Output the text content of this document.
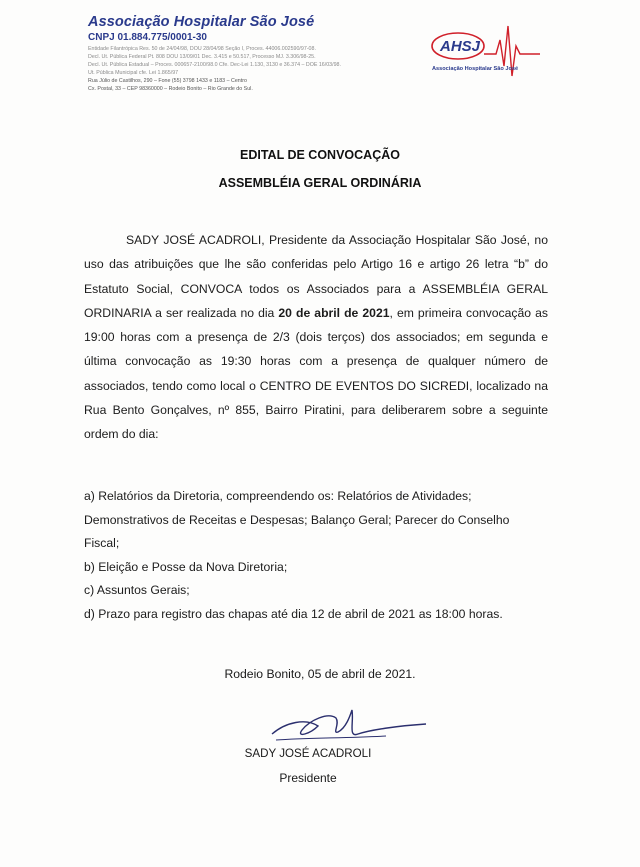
Associação Hospitalar São José
CNPJ 01.884.775/0001-30
Entidade Filantrópica Res. 50 de 24/04/98, DOU 28/04/98 Seção I, Proces. 44006.002590/97-08.
Decl. Ut. Pública Federal Pt. 808 DOU 13/09/01 Dec. 3.415 e 50.517, Processo MJ. 3.306/98-25.
Decl. Ut. Pública Estadual – Proces. 000657-2100/98.0 Cfe. Dec-Lei 1.130, 3130 e 36.374 – DOE 16/03/98.
Ut. Pública Municipal cfe. Lei 1.865/97
Rua Júlio de Castilhos, 290 – Fone (55) 3798 1433 e 1183 – Centro
Cx. Postal, 33 – CEP 98360000 – Rodeio Bonito – Rio Grande do Sul.
AHSJ
Associação Hospitalar São José
EDITAL DE CONVOCAÇÃO
ASSEMBLÉIA GERAL ORDINÁRIA
SADY JOSÉ ACADROLI, Presidente da Associação Hospitalar São José, no uso das atribuições que lhe são conferidas pelo Artigo 16 e artigo 26 letra “b” do Estatuto Social, CONVOCA todos os Associados para a ASSEMBLÉIA GERAL ORDINARIA a ser realizada no dia 20 de abril de 2021, em primeira convocação as 19:00 horas com a presença de 2/3 (dois terços) dos associados; em segunda e última convocação as 19:30 horas com a presença de qualquer número de associados, tendo como local o CENTRO DE EVENTOS DO SICREDI, localizado na Rua Bento Gonçalves, nº 855, Bairro Piratini, para deliberarem sobre a seguinte ordem do dia:
a) Relatórios da Diretoria, compreendendo os: Relatórios de Atividades;
Demonstrativos de Receitas e Despesas; Balanço Geral; Parecer do Conselho
Fiscal;
b) Eleição e Posse da Nova Diretoria;
c) Assuntos Gerais;
d) Prazo para registro das chapas até dia 12 de abril de 2021 as 18:00 horas.
Rodeio Bonito, 05 de abril de 2021.
SADY JOSÉ ACADROLI
Presidente
